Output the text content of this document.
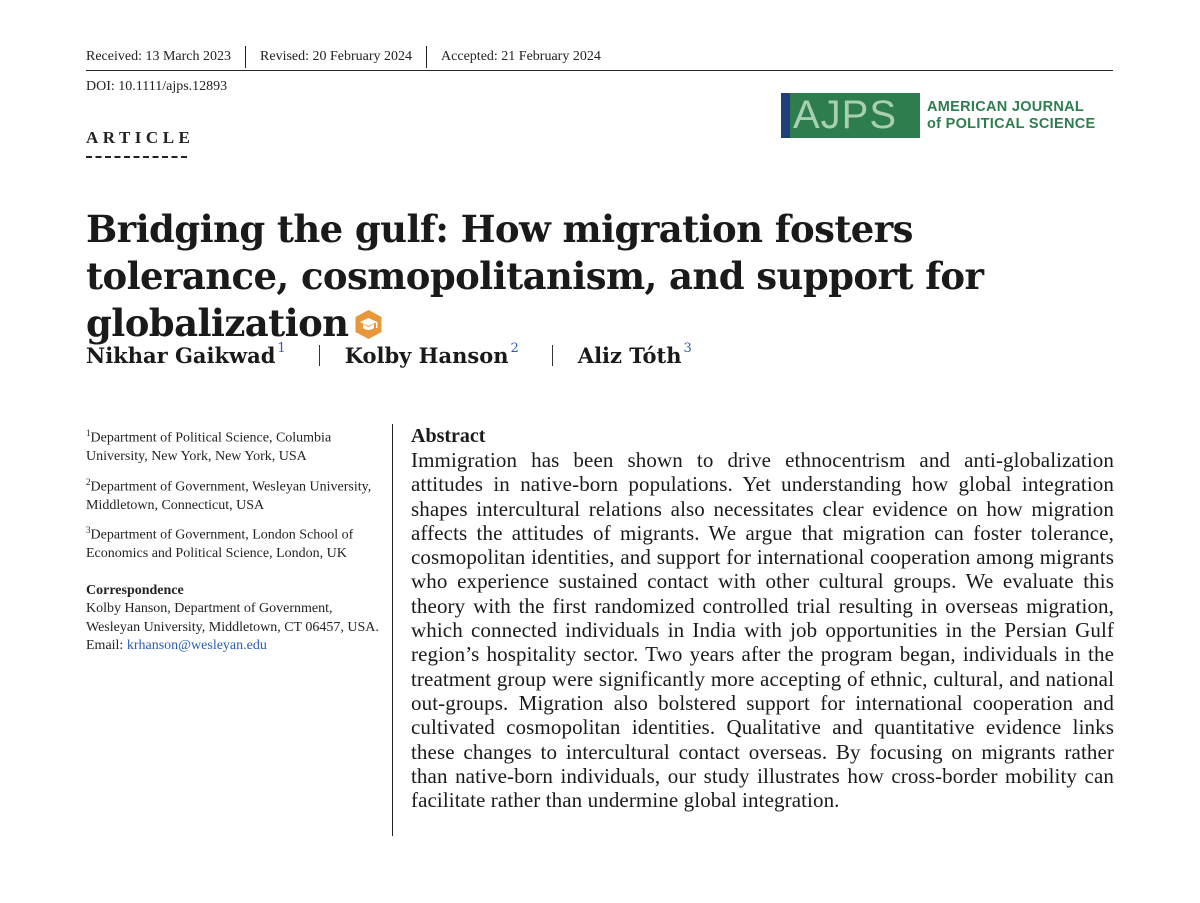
Received: 13 March 2023	Revised: 20 February 2024	Accepted: 21 February 2024
DOI: 10.1111/ajps.12893
AJPS AMERICAN JOURNAL
of POLITICAL SCIENCE
ARTICLE
Bridging the gulf: How migration fosters tolerance, cosmopolitanism, and support for globalization
Nikhar Gaikwad$^1$	Kolby Hanson$^2$	Aliz Tóth$^3$
$^1$Department of Political Science, Columbia University, New York, New York, USA
$^2$Department of Government, Wesleyan University, Middletown, Connecticut, USA
$^3$Department of Government, London School of Economics and Political Science, London, UK
Correspondence
Kolby Hanson, Department of Government, Wesleyan University, Middletown, CT 06457, USA.
Email: krhanson@wesleyan.edu
Abstract
Immigration has been shown to drive ethnocentrism and anti-globalization attitudes in native-born populations. Yet understanding how global integration shapes intercultural relations also necessitates clear evidence on how migration affects the attitudes of migrants. We argue that migration can foster tolerance, cosmopolitan identities, and support for international cooperation among migrants who experience sustained contact with other cultural groups. We evaluate this theory with the first randomized controlled trial resulting in overseas migration, which connected individuals in India with job opportunities in the Persian Gulf region’s hospitality sector. Two years after the program began, individuals in the treatment group were significantly more accepting of ethnic, cultural, and national out-groups. Migration also bolstered support for international cooperation and cultivated cosmopolitan identities. Qualitative and quantitative evidence links these changes to intercultural contact overseas. By focusing on migrants rather than native-born individuals, our study illustrates how cross-border mobility can facilitate rather than undermine global integration.
